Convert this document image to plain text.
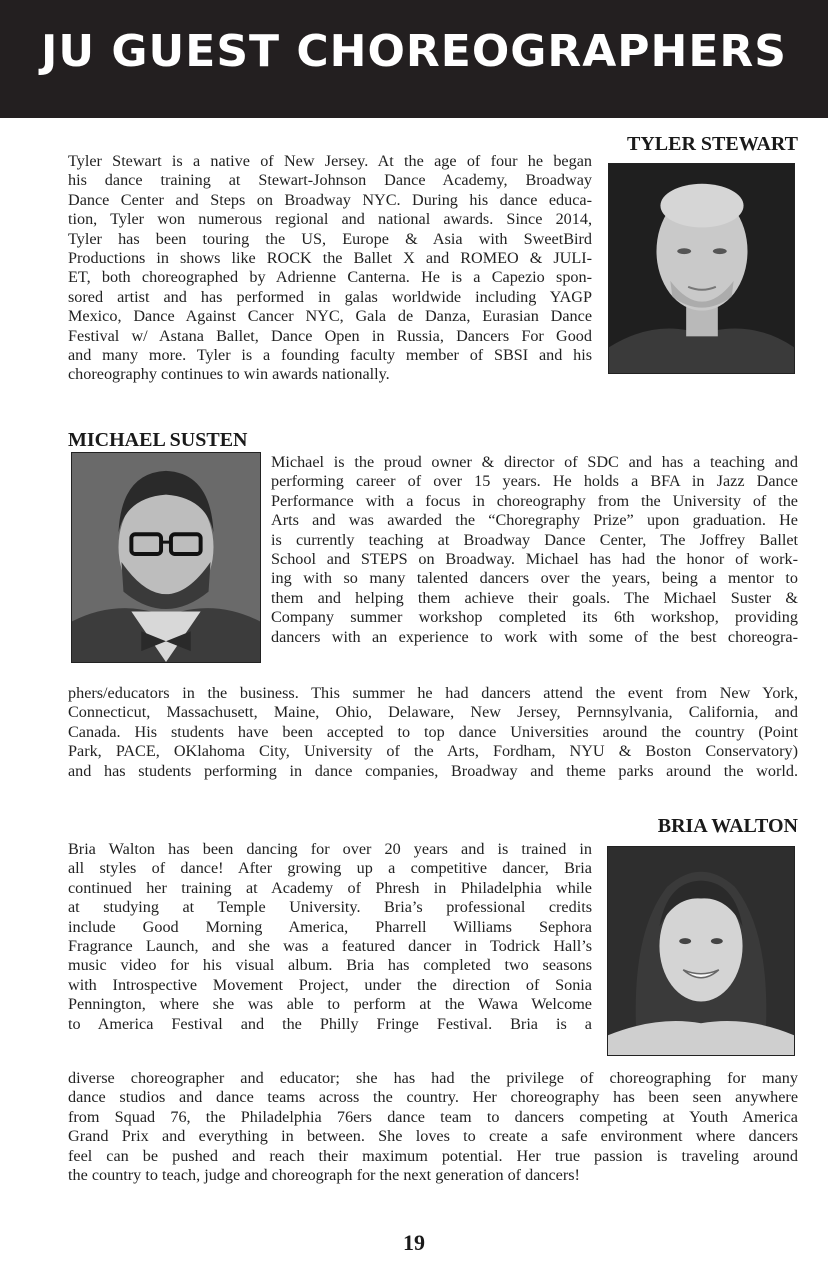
JU GUEST CHOREOGRAPHERS
TYLER STEWART
Tyler Stewart is a native of New Jersey. At the age of four he began
his dance training at Stewart-Johnson Dance Academy, Broadway
Dance Center and Steps on Broadway NYC. During his dance educa-
tion, Tyler won numerous regional and national awards. Since 2014,
Tyler has been touring the US, Europe & Asia with SweetBird
Productions in shows like ROCK the Ballet X and ROMEO & JULI-
ET, both choreographed by Adrienne Canterna. He is a Capezio spon-
sored artist and has performed in galas worldwide including YAGP
Mexico, Dance Against Cancer NYC, Gala de Danza, Eurasian Dance
Festival w/ Astana Ballet, Dance Open in Russia, Dancers For Good
and many more. Tyler is a founding faculty member of SBSI and his
choreography continues to win awards nationally.
MICHAEL SUSTEN
Michael is the proud owner & director of SDC and has a teaching and
performing career of over 15 years. He holds a BFA in Jazz Dance
Performance with a focus in choreography from the University of the
Arts and was awarded the “Choregraphy Prize” upon graduation. He
is currently teaching at Broadway Dance Center, The Joffrey Ballet
School and STEPS on Broadway. Michael has had the honor of work-
ing with so many talented dancers over the years, being a mentor to
them and helping them achieve their goals. The Michael Suster &
Company summer workshop completed its 6th workshop, providing
dancers with an experience to work with some of the best choreogra-
phers/educators in the business. This summer he had dancers attend the event from New York,
Connecticut, Massachusett, Maine, Ohio, Delaware, New Jersey, Pernnsylvania, California, and
Canada. His students have been accepted to top dance Universities around the country (Point
Park, PACE, OKlahoma City, University of the Arts, Fordham, NYU & Boston Conservatory)
and has students performing in dance companies, Broadway and theme parks around the world.
BRIA WALTON
Bria Walton has been dancing for over 20 years and is trained in
all styles of dance! After growing up a competitive dancer, Bria
continued her training at Academy of Phresh in Philadelphia while
at studying at Temple University. Bria’s professional credits
include Good Morning America, Pharrell Williams Sephora
Fragrance Launch, and she was a featured dancer in Todrick Hall’s
music video for his visual album. Bria has completed two seasons
with Introspective Movement Project, under the direction of Sonia
Pennington, where she was able to perform at the Wawa Welcome
to America Festival and the Philly Fringe Festival. Bria is a
diverse choreographer and educator; she has had the privilege of choreographing for many
dance studios and dance teams across the country. Her choreography has been seen anywhere
from Squad 76, the Philadelphia 76ers dance team to dancers competing at Youth America
Grand Prix and everything in between. She loves to create a safe environment where dancers
feel can be pushed and reach their maximum potential. Her true passion is traveling around
the country to teach, judge and choreograph for the next generation of dancers!
19
